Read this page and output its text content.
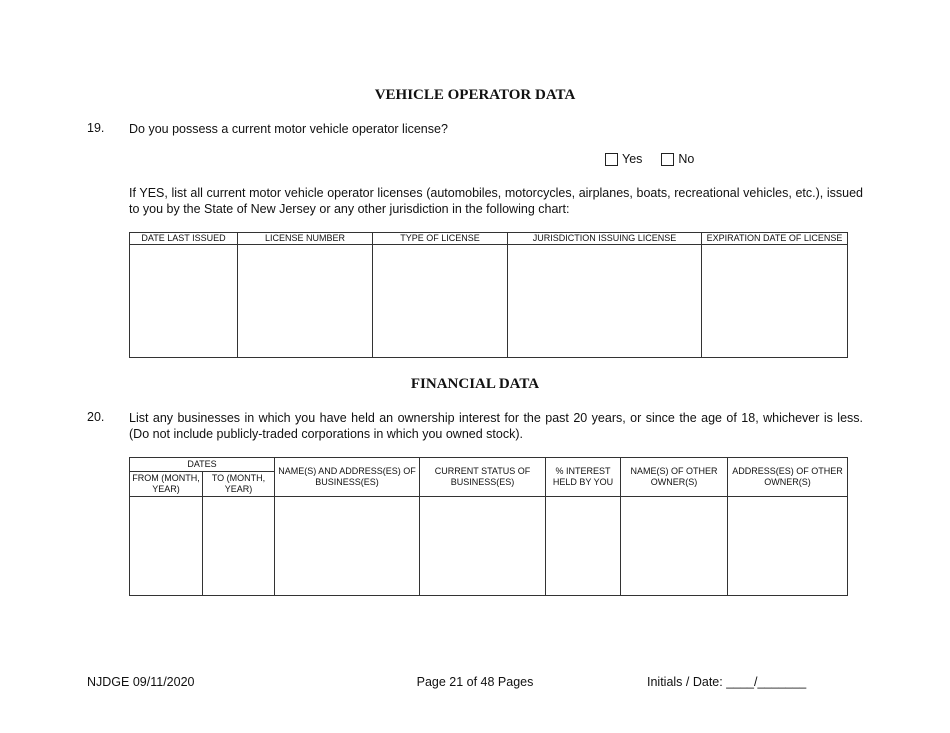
VEHICLE OPERATOR DATA
19. Do you possess a current motor vehicle operator license?
Yes	No
If YES, list all current motor vehicle operator licenses (automobiles, motorcycles, airplanes, boats, recreational vehicles, etc.), issued to you by the State of New Jersey or any other jurisdiction in the following chart:
DATE LAST ISSUED	LICENSE NUMBER	TYPE OF LICENSE	JURISDICTION ISSUING LICENSE	EXPIRATION DATE OF LICENSE

FINANCIAL DATA
20. List any businesses in which you have held an ownership interest for the past 20 years, or since the age of 18, whichever is less. (Do not include publicly-traded corporations in which you owned stock).
DATES		NAME(S) AND ADDRESS(ES) OF BUSINESS(ES)	CURRENT STATUS OF BUSINESS(ES)	% INTEREST HELD BY YOU	NAME(S) OF OTHER OWNER(S)	ADDRESS(ES) OF OTHER OWNER(S)
FROM (MONTH, YEAR)	TO (MONTH, YEAR)					

NJDGE 09/11/2020	Page 21 of 48 Pages	Initials / Date: ____/_______
